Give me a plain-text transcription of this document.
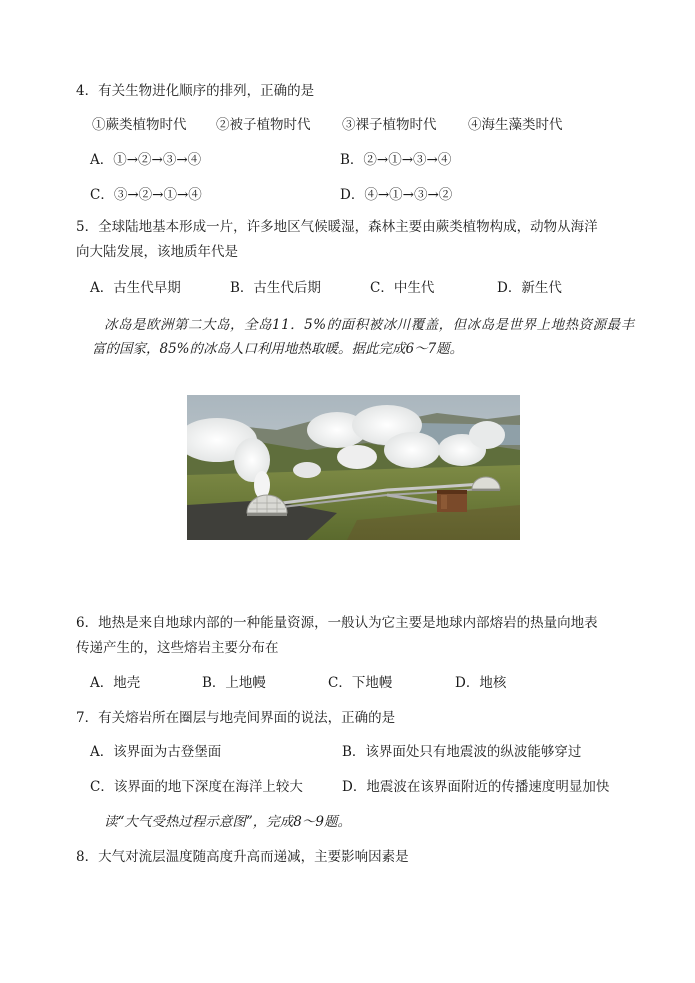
4．有关生物进化顺序的排列，正确的是
①蕨类植物时代 ②被子植物时代 ③裸子植物时代 ④海生藻类时代
A．①→②→③→④	B．②→①→③→④
C．③→②→①→④	D．④→①→③→②
5．全球陆地基本形成一片，许多地区气候暖湿，森林主要由蕨类植物构成，动物从海洋
向大陆发展，该地质年代是
A．古生代早期	B．古生代后期	C．中生代	D．新生代
冰岛是欧洲第二大岛，全岛11．5%的面积被冰川覆盖，但冰岛是世界上地热资源最丰
富的国家，85%的冰岛人口利用地热取暖。据此完成6～7题。
6．地热是来自地球内部的一种能量资源，一般认为它主要是地球内部熔岩的热量向地表
传递产生的，这些熔岩主要分布在
A．地壳	B．上地幔	C．下地幔	D．地核
7．有关熔岩所在圈层与地壳间界面的说法，正确的是
A．该界面为古登堡面	B．该界面处只有地震波的纵波能够穿过
C．该界面的地下深度在海洋上较大	D．地震波在该界面附近的传播速度明显加快
读“大气受热过程示意图”，完成8～9题。
8．大气对流层温度随高度升高而递减，主要影响因素是
